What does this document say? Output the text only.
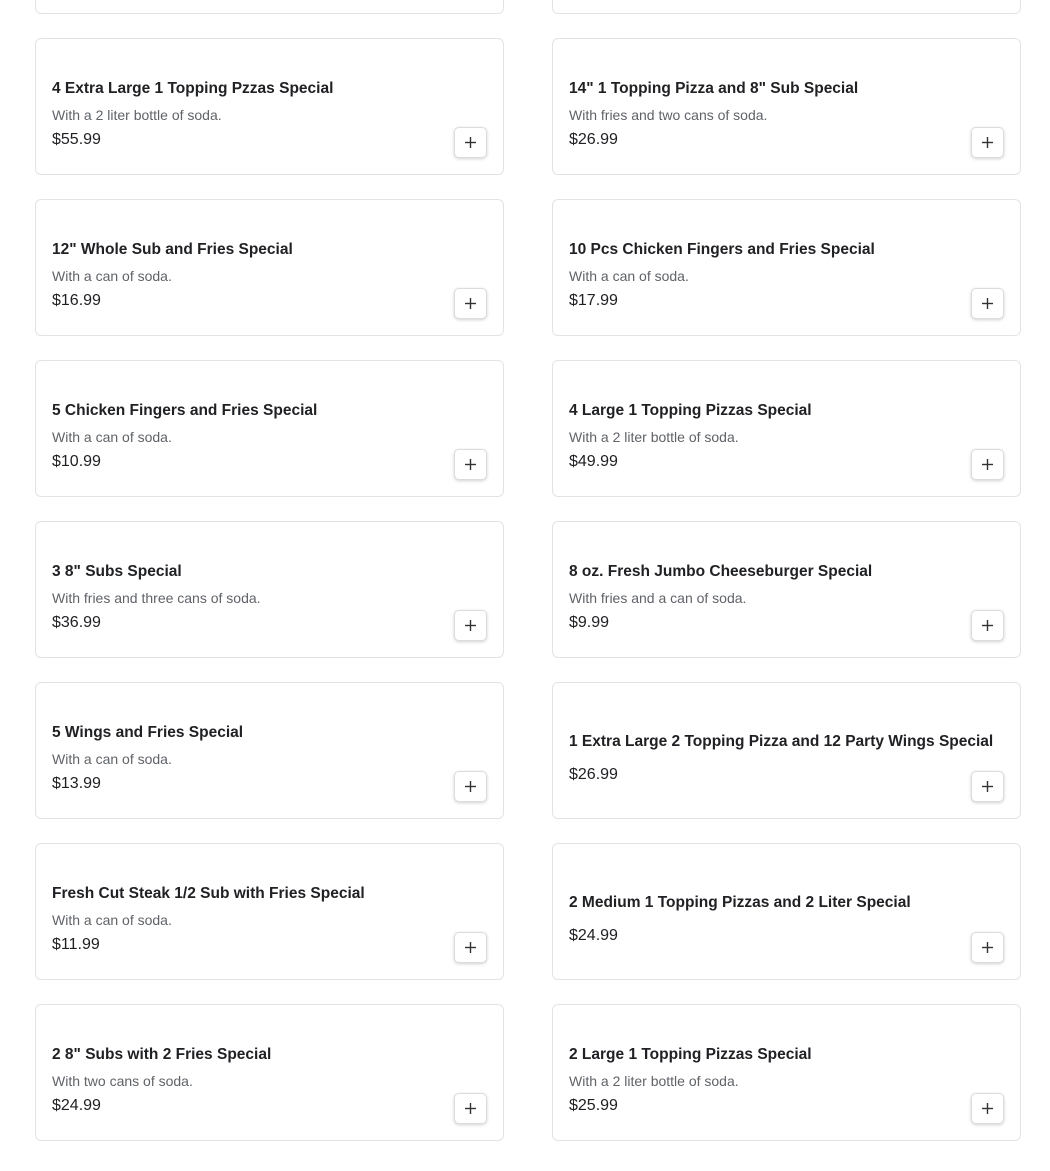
4 Extra Large 1 Topping Pzzas Special
With a 2 liter bottle of soda.
$55.99
14" 1 Topping Pizza and 8" Sub Special
With fries and two cans of soda.
$26.99
12" Whole Sub and Fries Special
With a can of soda.
$16.99
10 Pcs Chicken Fingers and Fries Special
With a can of soda.
$17.99
5 Chicken Fingers and Fries Special
With a can of soda.
$10.99
4 Large 1 Topping Pizzas Special
With a 2 liter bottle of soda.
$49.99
3 8" Subs Special
With fries and three cans of soda.
$36.99
8 oz. Fresh Jumbo Cheeseburger Special
With fries and a can of soda.
$9.99
5 Wings and Fries Special
With a can of soda.
$13.99
1 Extra Large 2 Topping Pizza and 12 Party Wings Special
$26.99
Fresh Cut Steak 1/2 Sub with Fries Special
With a can of soda.
$11.99
2 Medium 1 Topping Pizzas and 2 Liter Special
$24.99
2 8" Subs with 2 Fries Special
With two cans of soda.
$24.99
2 Large 1 Topping Pizzas Special
With a 2 liter bottle of soda.
$25.99
